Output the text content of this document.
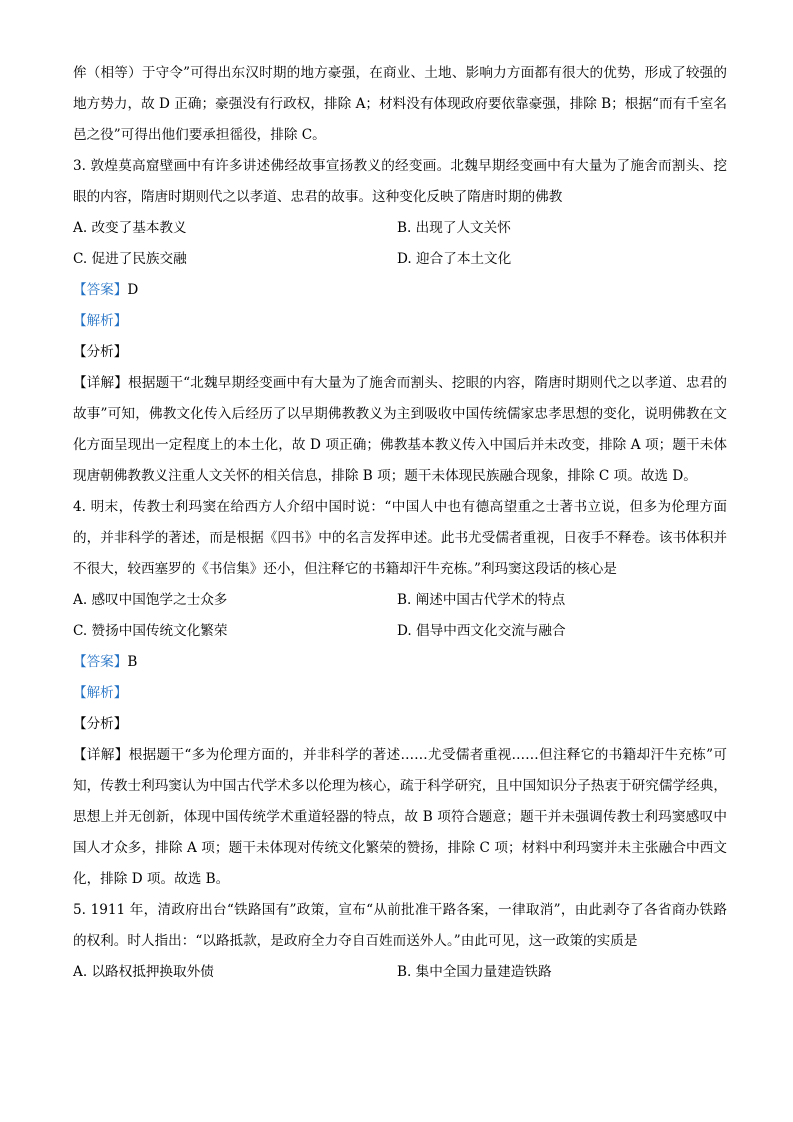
侔（相等）于守令”可得出东汉时期的地方豪强，在商业、土地、影响力方面都有很大的优势，形成了较强的地方势力，故 D 正确；豪强没有行政权，排除 A；材料没有体现政府要依靠豪强，排除 B；根据“而有千室名邑之役”可得出他们要承担徭役，排除 C。

3. 敦煌莫高窟壁画中有许多讲述佛经故事宣扬教义的经变画。北魏早期经变画中有大量为了施舍而割头、挖眼的内容，隋唐时期则代之以孝道、忠君的故事。这种变化反映了隋唐时期的佛教

A. 改变了基本教义	B. 出现了人文关怀
C. 促进了民族交融	D. 迎合了本土文化

【答案】D

【解析】

【分析】

【详解】根据题干“北魏早期经变画中有大量为了施舍而割头、挖眼的内容，隋唐时期则代之以孝道、忠君的故事”可知，佛教文化传入后经历了以早期佛教教义为主到吸收中国传统儒家忠孝思想的变化，说明佛教在文化方面呈现出一定程度上的本土化，故 D 项正确；佛教基本教义传入中国后并未改变，排除 A 项；题干未体现唐朝佛教教义注重人文关怀的相关信息，排除 B 项；题干未体现民族融合现象，排除 C 项。故选 D。

4. 明末，传教士利玛窦在给西方人介绍中国时说：“中国人中也有德高望重之士著书立说，但多为伦理方面的，并非科学的著述，而是根据《四书》中的名言发挥申述。此书尤受儒者重视，日夜手不释卷。该书体积并不很大，较西塞罗的《书信集》还小，但注释它的书籍却汗牛充栋。”利玛窦这段话的核心是

A. 感叹中国饱学之士众多	B. 阐述中国古代学术的特点
C. 赞扬中国传统文化繁荣	D. 倡导中西文化交流与融合

【答案】B

【解析】

【分析】

【详解】根据题干“多为伦理方面的，并非科学的著述……尤受儒者重视……但注释它的书籍却汗牛充栋”可知，传教士利玛窦认为中国古代学术多以伦理为核心，疏于科学研究，且中国知识分子热衷于研究儒学经典，思想上并无创新，体现中国传统学术重道轻器的特点，故 B 项符合题意；题干并未强调传教士利玛窦感叹中国人才众多，排除 A 项；题干未体现对传统文化繁荣的赞扬，排除 C 项；材料中利玛窦并未主张融合中西文化，排除 D 项。故选 B。

5. 1911 年，清政府出台“铁路国有”政策，宣布“从前批准干路各案，一律取消”，由此剥夺了各省商办铁路的权利。时人指出：“以路抵款，是政府全力夺自百姓而送外人。”由此可见，这一政策的实质是

A. 以路权抵押换取外债	B. 集中全国力量建造铁路
